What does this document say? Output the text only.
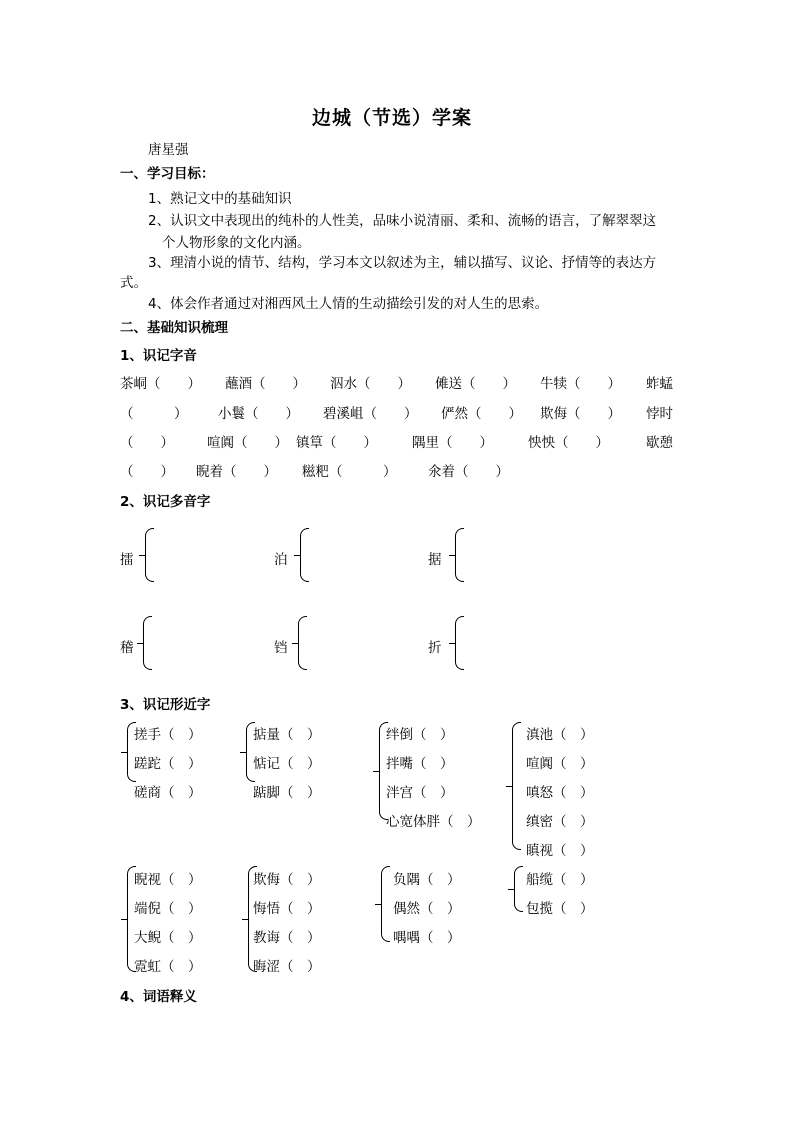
边城（节选）学案
唐星强
一、学习目标：
1、熟记文中的基础知识
2、认识文中表现出的纯朴的人性美，品味小说清丽、柔和、流畅的语言，了解翠翠这
个人物形象的文化内涵。
3、理清小说的情节、结构，学习本文以叙述为主，辅以描写、议论、抒情等的表达方
式。
4、体会作者通过对湘西风土人情的生动描绘引发的对人生的思索。
二、基础知识梳理
1、识记字音
茶峒（　　） 蘸酒（　　） 泅水（　　） 傩送（　　） 牛犊（　　） 蚱蜢
（　　　） 小鬟（　　） 碧溪岨（　　） 俨然（　　） 欺侮（　　） 悖时
（　　） 喧阗（　　） 镇筸（　　）	隅里（　　）	怏怏（　　）	歇憩
（　　） 睨着（　　） 糍粑（　　　） 氽着（　　）
2、识记多音字
擂	泊	据
稽	铛	折
3、识记形近字
搓手（　）
蹉跎（　）
磋商（　）
掂量（　）
惦记（　）
踮脚（　）
绊倒（　）
拌嘴（　）
泮宫（　）
心宽体胖（　）
滇池（　）
喧阗（　）
嗔怒（　）
缜密（　）
瞋视（　）
睨视（　）
端倪（　）
大鲵（　）
霓虹（　）
欺侮（　）
悔悟（　）
教诲（　）
晦涩（　）
负隅（　）
偶然（　）
喁喁（　）
船缆（　）
包揽（　）
4、词语释义
